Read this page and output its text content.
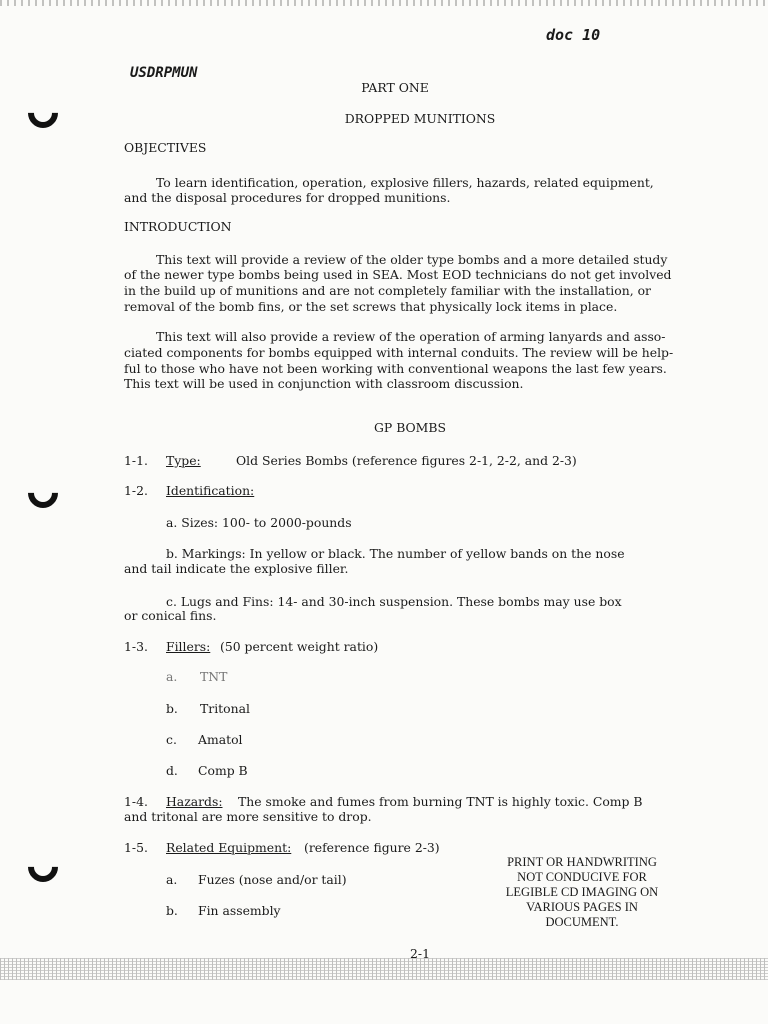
doc 10
USDRPMUN
PART ONE
DROPPED MUNITIONS
OBJECTIVES
To learn identification, operation, explosive fillers, hazards, related equipment,
and the disposal procedures for dropped munitions.
INTRODUCTION
This text will provide a review of the older type bombs and a more detailed study
of the newer type bombs being used in SEA. Most EOD technicians do not get involved
in the build up of munitions and are not completely familiar with the installation, or
removal of the bomb fins, or the set screws that physically lock items in place.
This text will also provide a review of the operation of arming lanyards and asso-
ciated components for bombs equipped with internal conduits. The review will be help-
ful to those who have not been working with conventional weapons the last few years.
This text will be used in conjunction with classroom discussion.
GP BOMBS
1-1. Type:	Old Series Bombs (reference figures 2-1, 2-2, and 2-3)
1-2. Identification:
a. Sizes: 100- to 2000-pounds
b. Markings: In yellow or black. The number of yellow bands on the nose
and tail indicate the explosive filler.
c. Lugs and Fins: 14- and 30-inch suspension. These bombs may use box
or conical fins.
1-3. Fillers: (50 percent weight ratio)
a. TNT
b. Tritonal
c. Amatol
d. Comp B
1-4. Hazards: The smoke and fumes from burning TNT is highly toxic. Comp B
and tritonal are more sensitive to drop.
1-5. Related Equipment: (reference figure 2-3)
a. Fuzes (nose and/or tail)
b. Fin assembly
PRINT OR HANDWRITING
NOT CONDUCIVE FOR
LEGIBLE CD IMAGING ON
VARIOUS PAGES IN
DOCUMENT.
2-1
